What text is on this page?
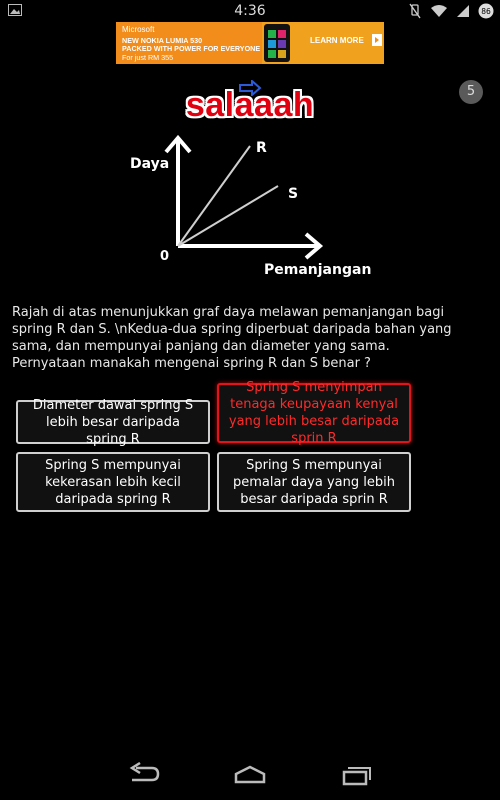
4:36	86
Microsoft
NEW NOKIA LUMIA 530
PACKED WITH POWER FOR EVERYONE
For just RM 355
LEARN MORE
5
salaaah
Daya
0
Pemanjangan
R
S

Rajah di atas menunjukkan graf daya melawan pemanjangan bagi spring R dan S. \nKedua-dua spring diperbuat daripada bahan yang sama, dan mempunyai panjang dan diameter yang sama.

Pernyataan manakah mengenai spring R dan S benar ?

Diameter dawai spring S lebih besar daripada spring R
Spring S menyimpan tenaga keupayaan kenyal yang lebih besar daripada sprin R
Spring S mempunyai kekerasan lebih kecil daripada spring R
Spring S mempunyai pemalar daya yang lebih besar daripada sprin R
